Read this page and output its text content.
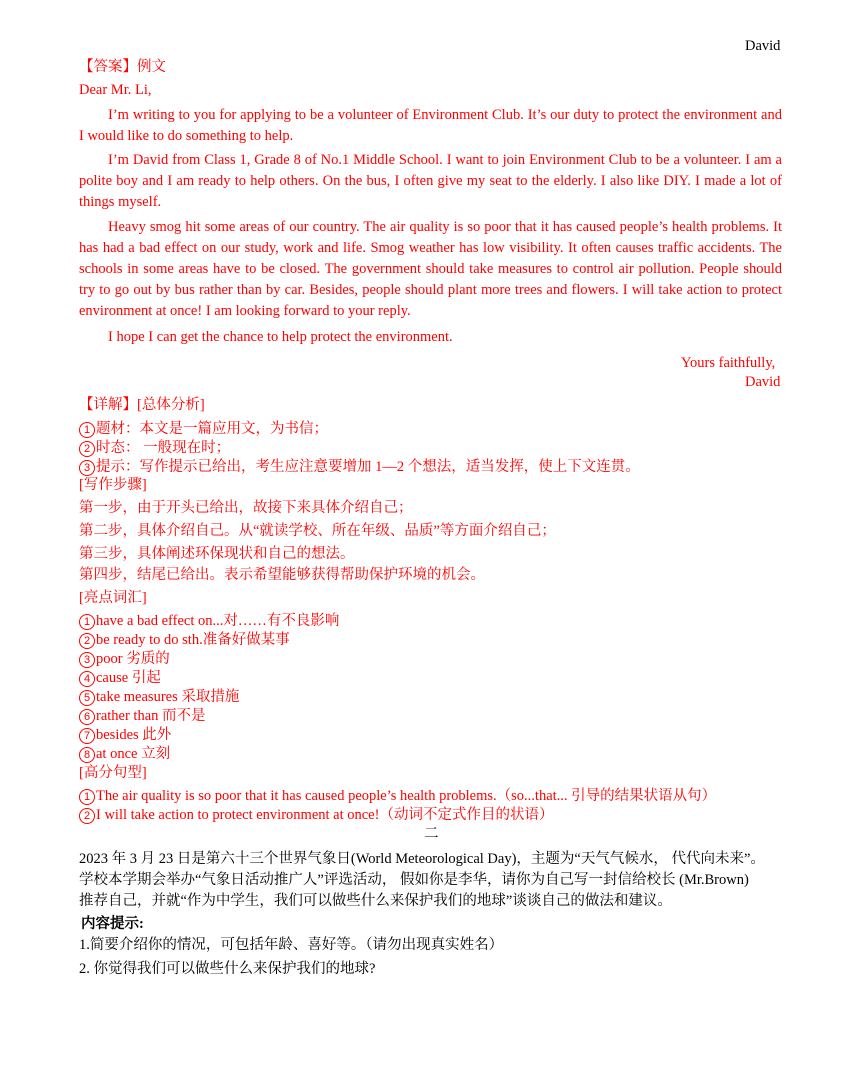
David
【答案】例文
Dear Mr. Li,
I’m writing to you for applying to be a volunteer of Environment Club. It’s our duty to protect the environment and I would like to do something to help.
I’m David from Class 1, Grade 8 of No.1 Middle School. I want to join Environment Club to be a volunteer. I am a polite boy and I am ready to help others. On the bus, I often give my seat to the elderly. I also like DIY. I made a lot of things myself.
Heavy smog hit some areas of our country. The air quality is so poor that it has caused people’s health problems. It has had a bad effect on our study, work and life. Smog weather has low visibility. It often causes traffic accidents. The schools in some areas have to be closed. The government should take measures to control air pollution. People should try to go out by bus rather than by car. Besides, people should plant more trees and flowers. I will take action to protect environment at once! I am looking forward to your reply.
I hope I can get the chance to help protect the environment.
Yours faithfully,
David
【详解】[总体分析]
1 题材：本文是一篇应用文，为书信；
2 时态： 一般现在时；
3 提示：写作提示已给出，考生应注意要增加 1—2 个想法，适当发挥，使上下文连贯。
[写作步骤]
第一步，由于开头已给出，故接下来具体介绍自己；
第二步，具体介绍自己。从“就读学校、所在年级、品质”等方面介绍自己；
第三步，具体阐述环保现状和自己的想法。
第四步，结尾已给出。表示希望能够获得帮助保护环境的机会。
[亮点词汇]
1 have a bad effect on...对……有不良影响
2 be ready to do sth.准备好做某事
3 poor 劣质的
4 cause 引起
5 take measures 采取措施
6 rather than 而不是
7 besides 此外
8 at once 立刻
[高分句型]
1 The air quality is so poor that it has caused people’s health problems.（so...that... 引导的结果状语从句）
2 I will take action to protect environment at once!（动词不定式作目的状语）
二
2023 年 3 月 23 日是第六十三个世界气象日(World Meteorological Day)，主题为“天气气候水， 代代向未来”。
学校本学期会举办“气象日活动推广人”评选活动， 假如你是李华，请你为自己写一封信给校长 (Mr.Brown)
推荐自己，并就“作为中学生，我们可以做些什么来保护我们的地球”谈谈自己的做法和建议。
内容提示:
1.简要介绍你的情况，可包括年龄、喜好等。（请勿出现真实姓名）
2. 你觉得我们可以做些什么来保护我们的地球?
